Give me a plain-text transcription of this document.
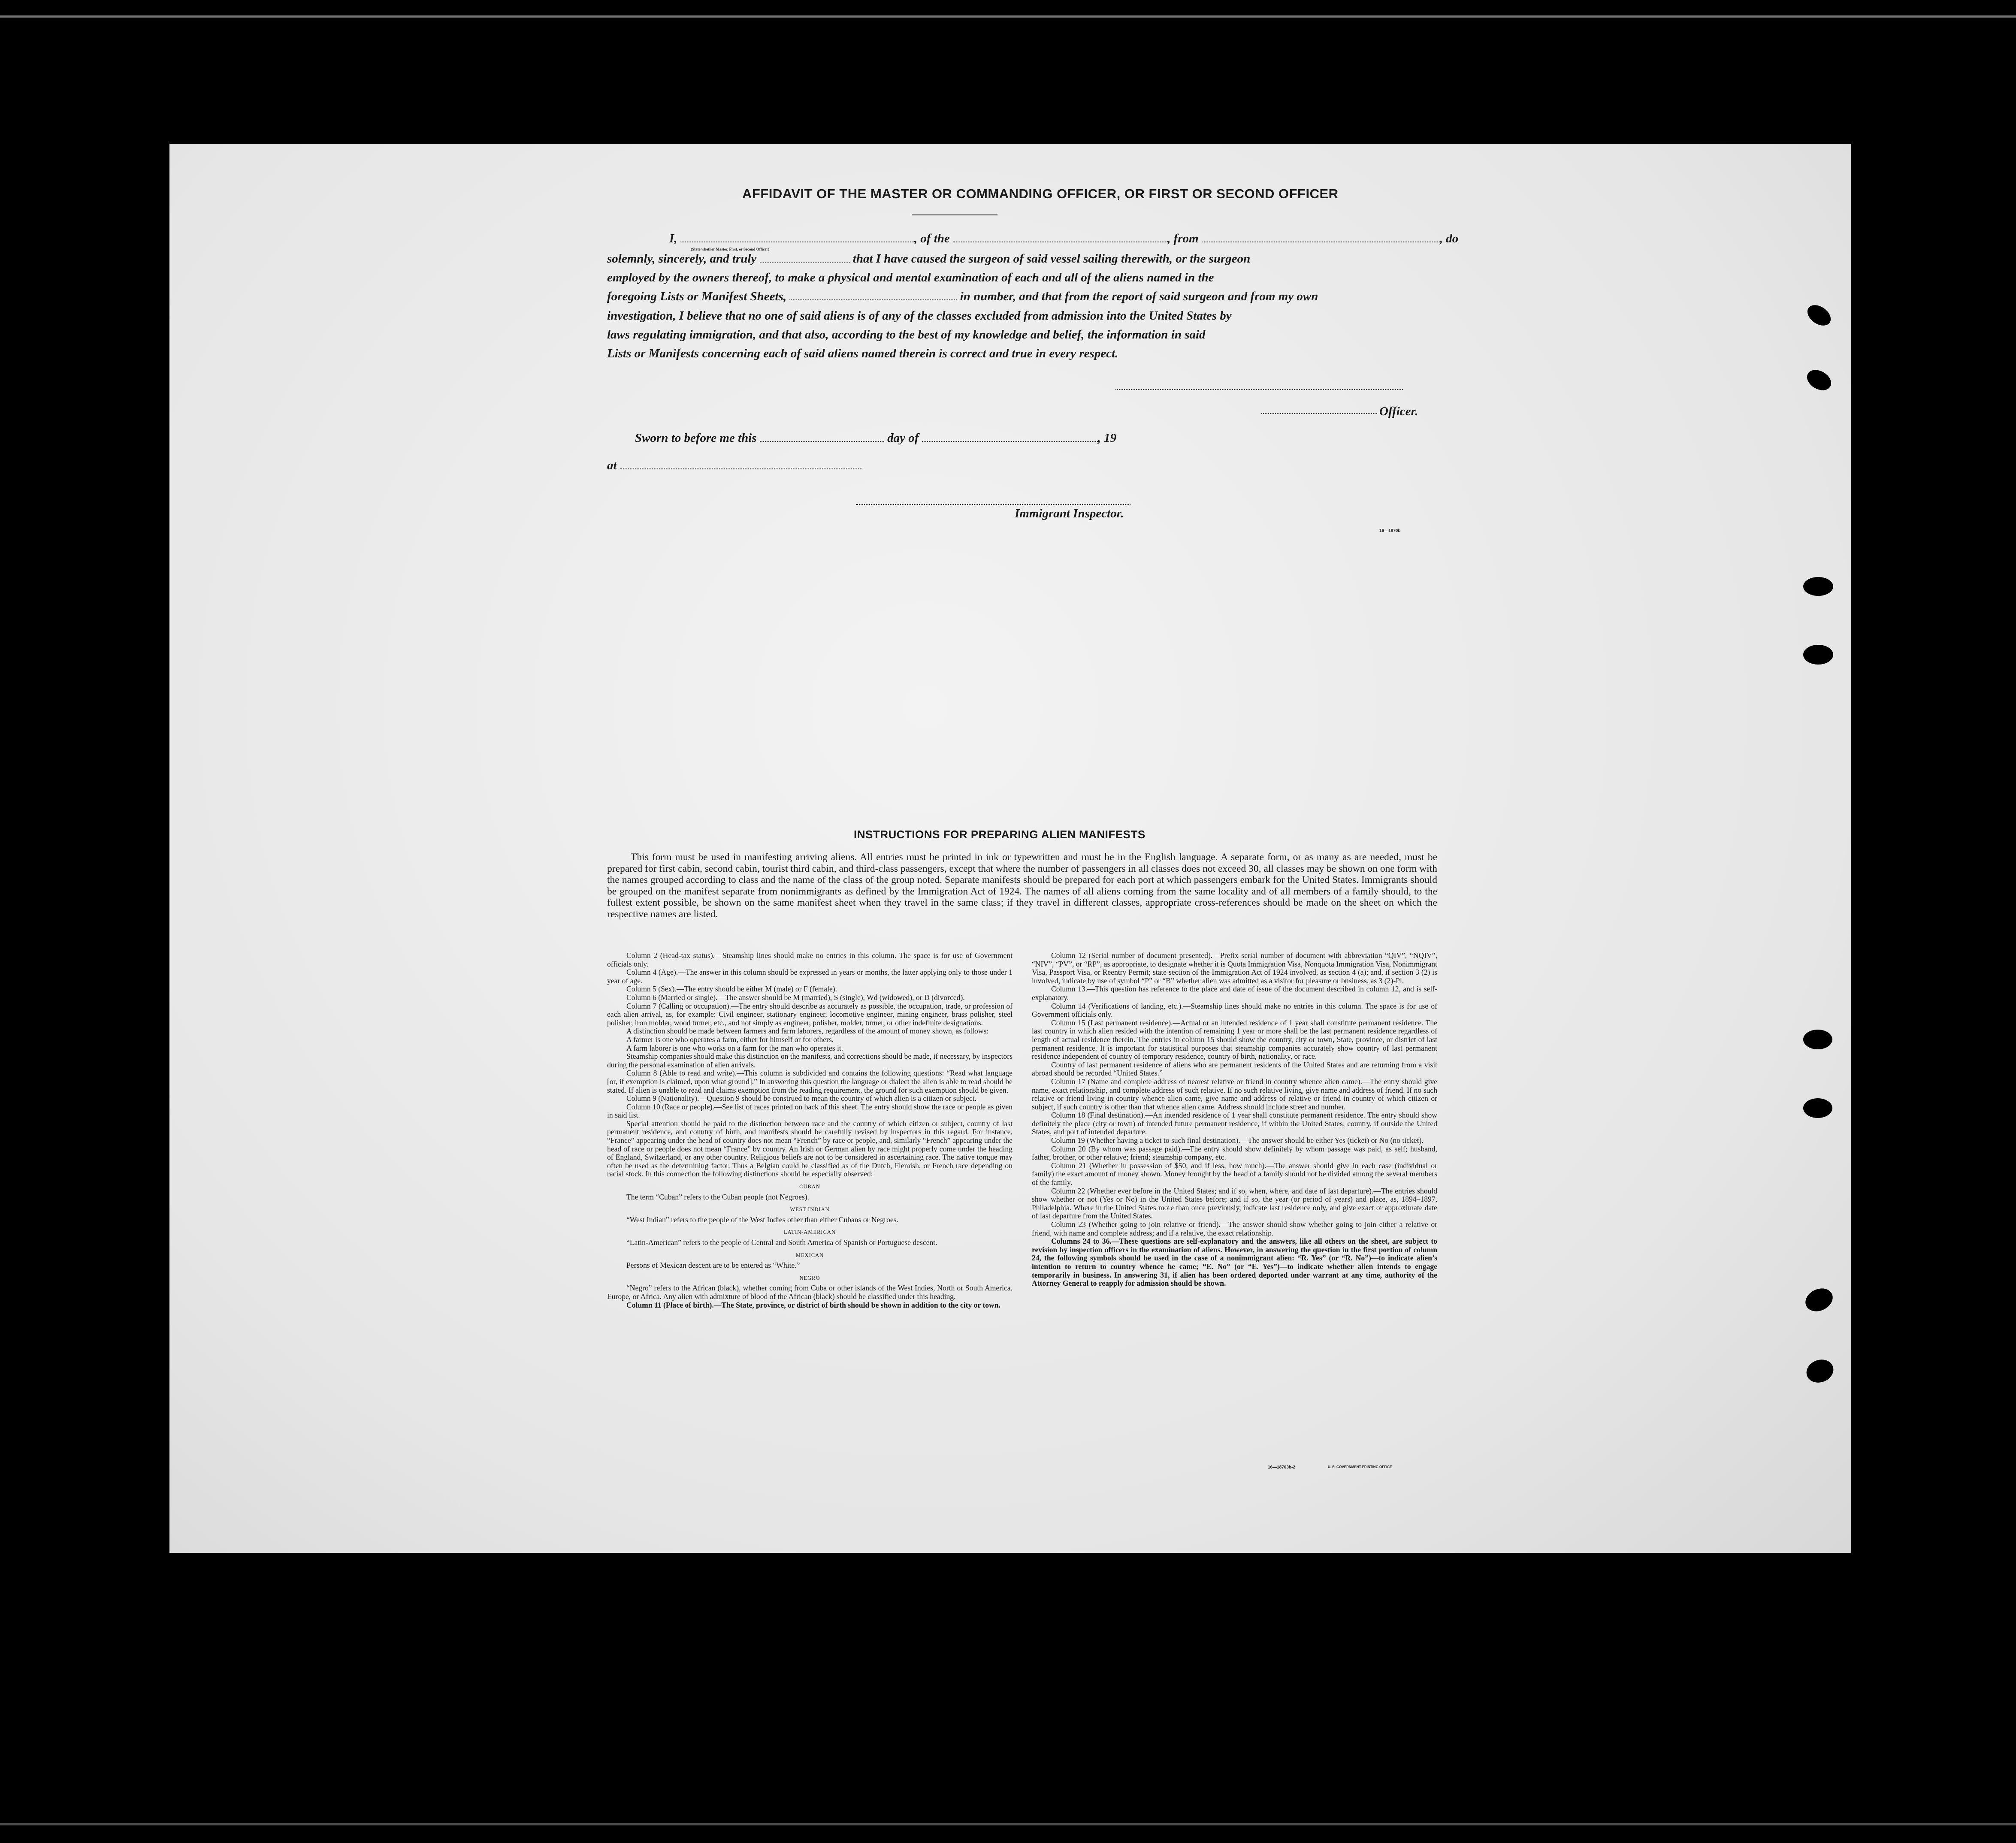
AFFIDAVIT OF THE MASTER OR COMMANDING OFFICER, OR FIRST OR SECOND OFFICER
I,	, of the	, from	, do
(State whether Master, First, or Second Officer)
solemnly, sincerely, and truly	that I have caused the surgeon of said vessel sailing therewith, or the surgeon
employed by the owners thereof, to make a physical and mental examination of each and all of the aliens named in the
foregoing Lists or Manifest Sheets,	in number, and that from the report of said surgeon and from my own
investigation, I believe that no one of said aliens is of any of the classes excluded from admission into the United States by
laws regulating immigration, and that also, according to the best of my knowledge and belief, the information in said
Lists or Manifests concerning each of said aliens named therein is correct and true in every respect.
Officer.
Sworn to before me this	day of	, 19
at
Immigrant Inspector.
16—1870b
INSTRUCTIONS FOR PREPARING ALIEN MANIFESTS

This form must be used in manifesting arriving aliens. All entries must be printed in ink or typewritten and must be in the English language. A separate form, or as many as are needed, must be prepared for first cabin, second cabin, tourist third cabin, and third-class passengers, except that where the number of passengers in all classes does not exceed 30, all classes may be shown on one form with the names grouped according to class and the name of the class of the group noted. Separate manifests should be prepared for each port at which passengers embark for the United States. Immigrants should be grouped on the manifest separate from nonimmigrants as defined by the Immigration Act of 1924. The names of all aliens coming from the same locality and of all members of a family should, to the fullest extent possible, be shown on the same manifest sheet when they travel in the same class; if they travel in different classes, appropriate cross-references should be made on the sheet on which the respective names are listed.

Column 2 (Head-tax status).—Steamship lines should make no entries in this column. The space is for use of Government officials only.

Column 4 (Age).—The answer in this column should be expressed in years or months, the latter applying only to those under 1 year of age.

Column 5 (Sex).—The entry should be either M (male) or F (female).

Column 6 (Married or single).—The answer should be M (married), S (single), Wd (widowed), or D (divorced).

Column 7 (Calling or occupation).—The entry should describe as accurately as possible, the occupation, trade, or profession of each alien arrival, as, for example: Civil engineer, stationary engineer, locomotive engineer, mining engineer, brass polisher, steel polisher, iron molder, wood turner, etc., and not simply as engineer, polisher, molder, turner, or other indefinite designations.

A distinction should be made between farmers and farm laborers, regardless of the amount of money shown, as follows:

A farmer is one who operates a farm, either for himself or for others.

A farm laborer is one who works on a farm for the man who operates it.

Steamship companies should make this distinction on the manifests, and corrections should be made, if necessary, by inspectors during the personal examination of alien arrivals.

Column 8 (Able to read and write).—This column is subdivided and contains the following questions: “Read what language [or, if exemption is claimed, upon what ground].” In answering this question the language or dialect the alien is able to read should be stated. If alien is unable to read and claims exemption from the reading requirement, the ground for such exemption should be given.

Column 9 (Nationality).—Question 9 should be construed to mean the country of which alien is a citizen or subject.

Column 10 (Race or people).—See list of races printed on back of this sheet. The entry should show the race or people as given in said list.

Special attention should be paid to the distinction between race and the country of which citizen or subject, country of last permanent residence, and country of birth, and manifests should be carefully revised by inspectors in this regard. For instance, “France” appearing under the head of country does not mean “French” by race or people, and, similarly “French” appearing under the head of race or people does not mean “France” by country. An Irish or German alien by race might properly come under the heading of England, Switzerland, or any other country. Religious beliefs are not to be considered in ascertaining race. The native tongue may often be used as the determining factor. Thus a Belgian could be classified as of the Dutch, Flemish, or French race depending on racial stock. In this connection the following distinctions should be especially observed:

CUBAN

The term “Cuban” refers to the Cuban people (not Negroes).

WEST INDIAN

“West Indian” refers to the people of the West Indies other than either Cubans or Negroes.

LATIN-AMERICAN

“Latin-American” refers to the people of Central and South America of Spanish or Portuguese descent.

MEXICAN

Persons of Mexican descent are to be entered as “White.”

NEGRO

“Negro” refers to the African (black), whether coming from Cuba or other islands of the West Indies, North or South America, Europe, or Africa. Any alien with admixture of blood of the African (black) should be classified under this heading.

Column 11 (Place of birth).—The State, province, or district of birth should be shown in addition to the city or town.

Column 12 (Serial number of document presented).—Prefix serial number of document with abbreviation “QIV”, “NQIV”, “NIV”, “PV”, or “RP”, as appropriate, to designate whether it is Quota Immigration Visa, Nonquota Immigration Visa, Nonimmigrant Visa, Passport Visa, or Reentry Permit; state section of the Immigration Act of 1924 involved, as section 4 (a); and, if section 3 (2) is involved, indicate by use of symbol “P” or “B” whether alien was admitted as a visitor for pleasure or business, as 3 (2)-Pl.

Column 13.—This question has reference to the place and date of issue of the document described in column 12, and is self-explanatory.

Column 14 (Verifications of landing, etc.).—Steamship lines should make no entries in this column. The space is for use of Government officials only.

Column 15 (Last permanent residence).—Actual or an intended residence of 1 year shall constitute permanent residence. The last country in which alien resided with the intention of remaining 1 year or more shall be the last permanent residence regardless of length of actual residence therein. The entries in column 15 should show the country, city or town, State, province, or district of last permanent residence. It is important for statistical purposes that steamship companies accurately show country of last permanent residence independent of country of temporary residence, country of birth, nationality, or race.

Country of last permanent residence of aliens who are permanent residents of the United States and are returning from a visit abroad should be recorded “United States.”

Column 17 (Name and complete address of nearest relative or friend in country whence alien came).—The entry should give name, exact relationship, and complete address of such relative. If no such relative living, give name and address of friend. If no such relative or friend living in country whence alien came, give name and address of relative or friend in country of which citizen or subject, if such country is other than that whence alien came. Address should include street and number.

Column 18 (Final destination).—An intended residence of 1 year shall constitute permanent residence. The entry should show definitely the place (city or town) of intended future permanent residence, if within the United States; country, if outside the United States, and port of intended departure.

Column 19 (Whether having a ticket to such final destination).—The answer should be either Yes (ticket) or No (no ticket).

Column 20 (By whom was passage paid).—The entry should show definitely by whom passage was paid, as self; husband, father, brother, or other relative; friend; steamship company, etc.

Column 21 (Whether in possession of $50, and if less, how much).—The answer should give in each case (individual or family) the exact amount of money shown. Money brought by the head of a family should not be divided among the several members of the family.

Column 22 (Whether ever before in the United States; and if so, when, where, and date of last departure).—The entries should show whether or not (Yes or No) in the United States before; and if so, the year (or period of years) and place, as, 1894–1897, Philadelphia. Where in the United States more than once previously, indicate last residence only, and give exact or approximate date of last departure from the United States.

Column 23 (Whether going to join relative or friend).—The answer should show whether going to join either a relative or friend, with name and complete address; and if a relative, the exact relationship.

Columns 24 to 36.—These questions are self-explanatory and the answers, like all others on the sheet, are subject to revision by inspection officers in the examination of aliens. However, in answering the question in the first portion of column 24, the following symbols should be used in the case of a nonimmigrant alien: “R. Yes” (or “R. No”)—to indicate alien’s intention to return to country whence he came; “E. No” (or “E. Yes”)—to indicate whether alien intends to engage temporarily in business. In answering 31, if alien has been ordered deported under warrant at any time, authority of the Attorney General to reapply for admission should be shown.

16—18703b-2	U. S. GOVERNMENT PRINTING OFFICE
